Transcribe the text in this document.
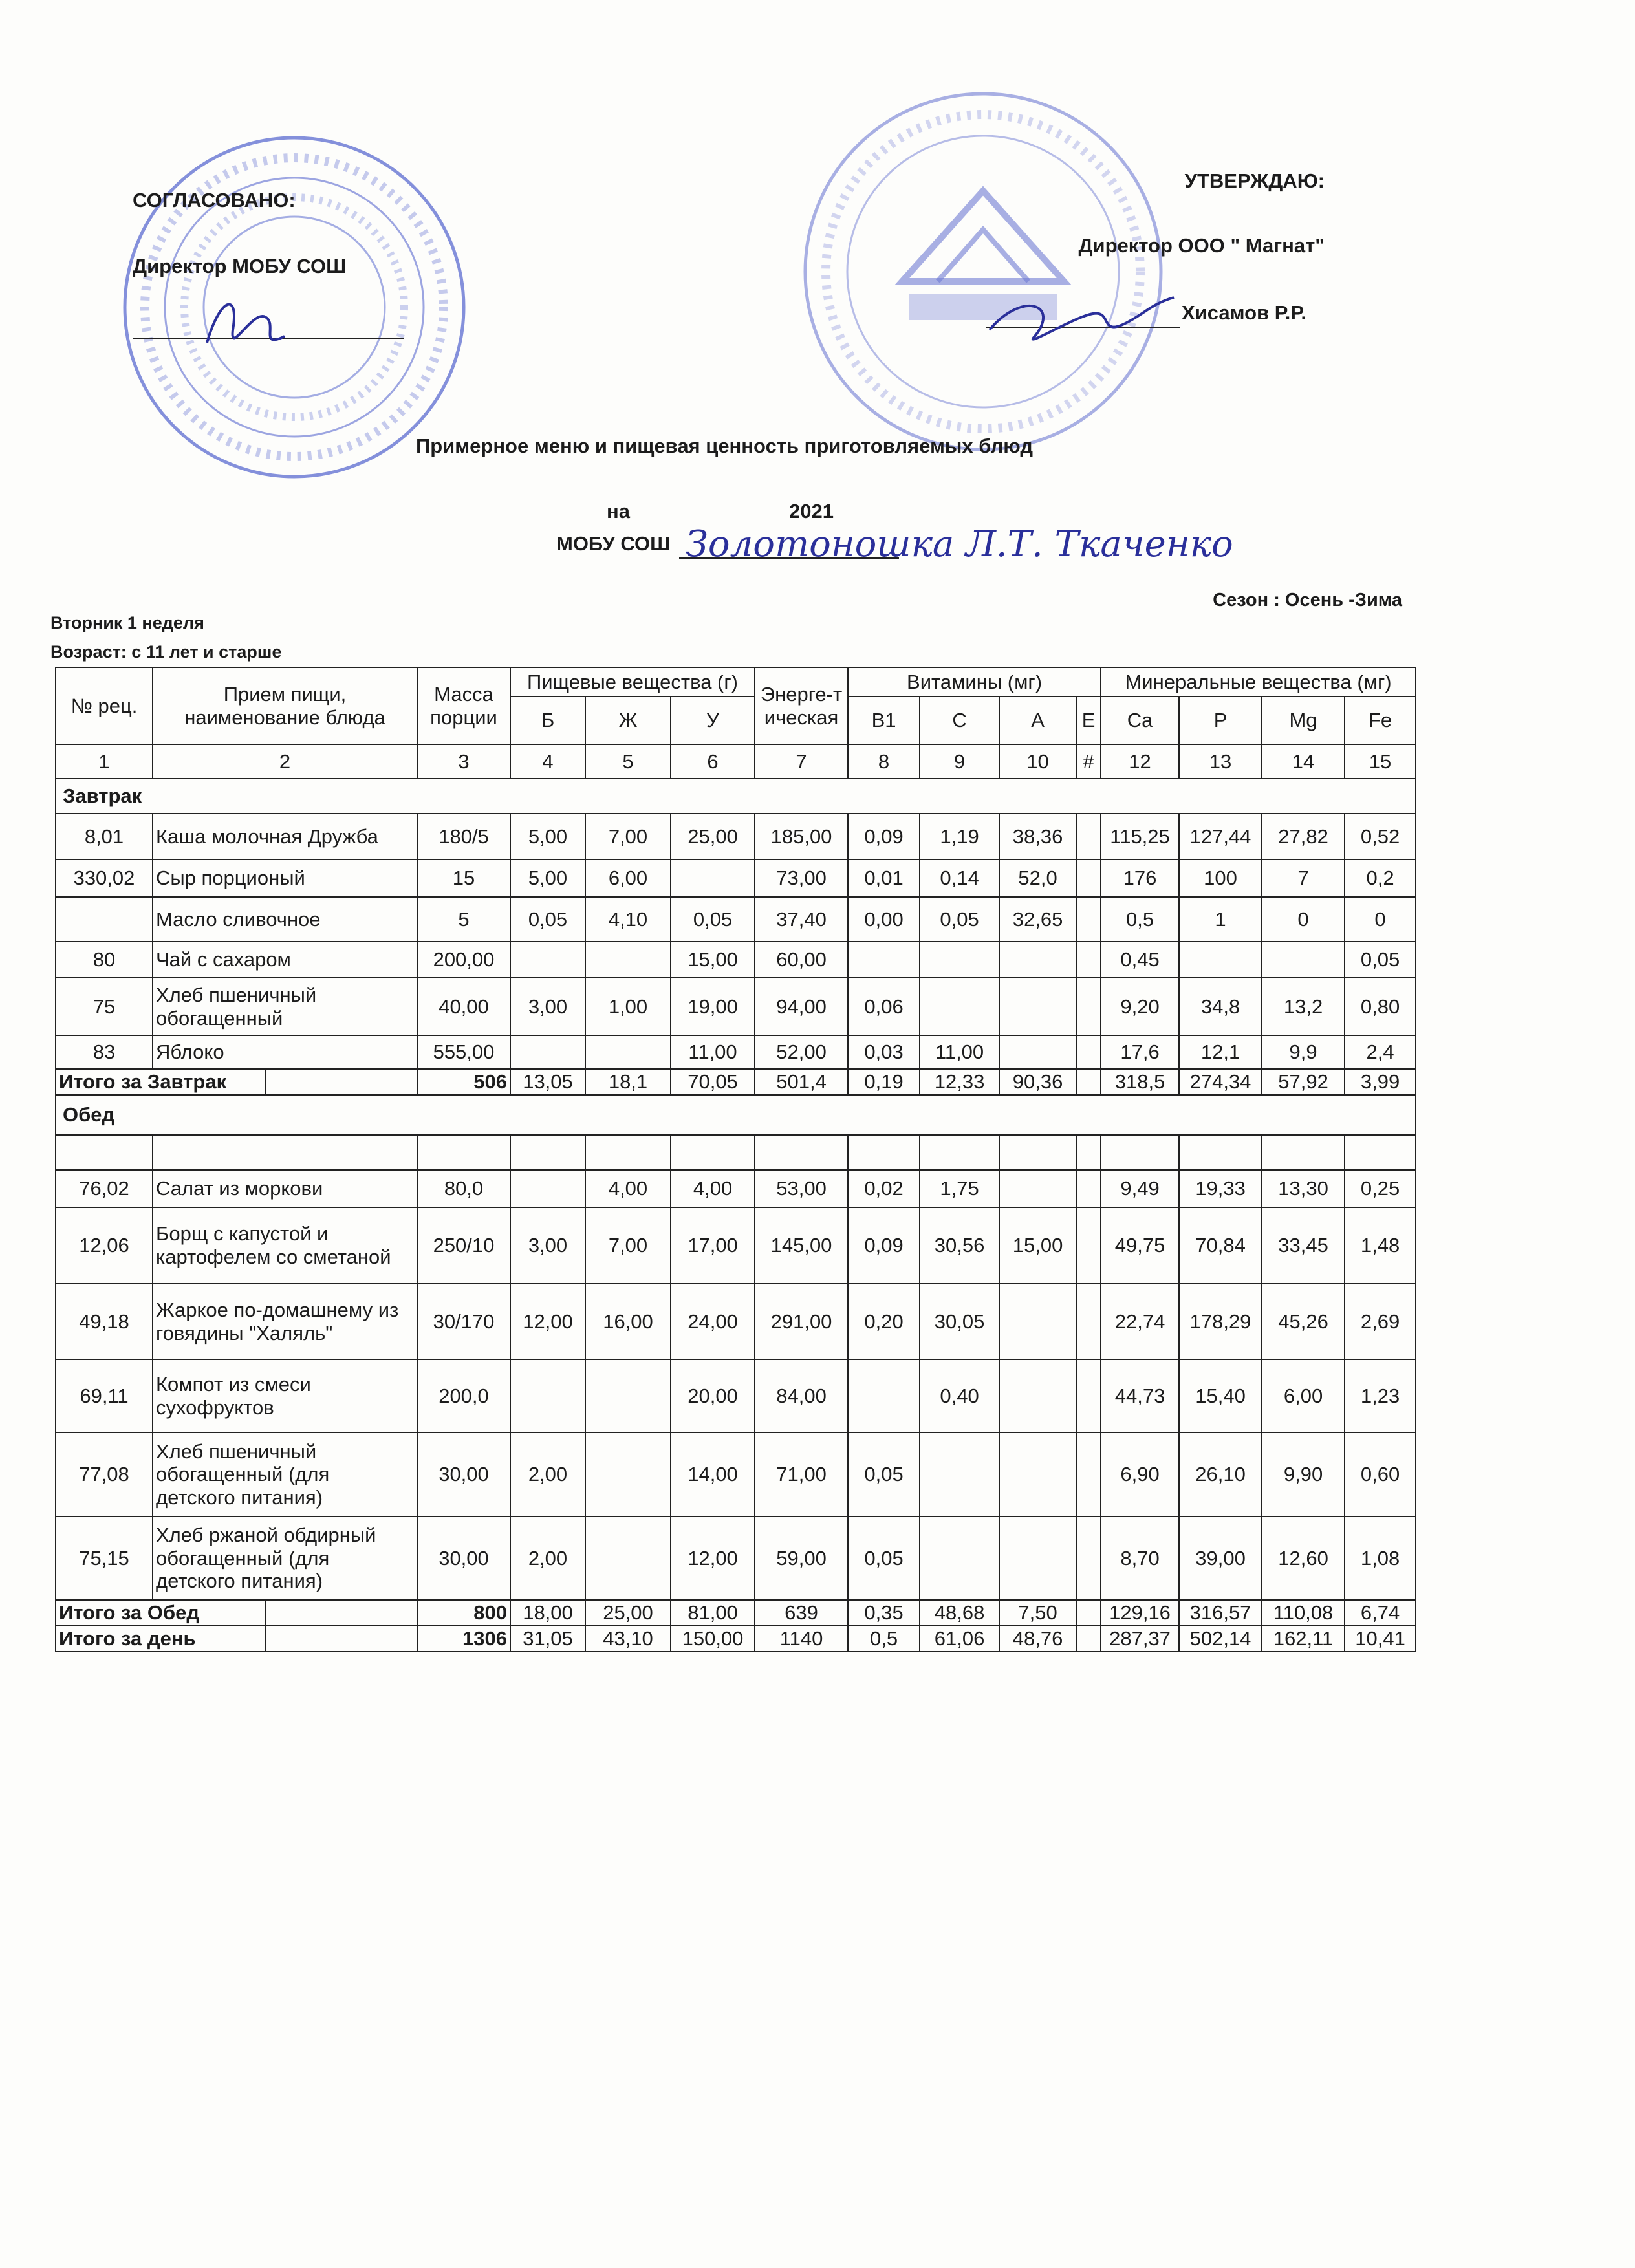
СОГЛАСОВАНО:
Директор МОБУ СОШ
УТВЕРЖДАЮ:
Директор ООО " Магнат"
Хисамов Р.Р.
Примерное меню и пищевая ценность приготовляемых блюд
на	2021
МОБУ СОШ Золотоношка Л.Т. Ткаченко
Сезон : Осень -Зима
Вторник 1 неделя
Возраст: с 11 лет и старше
№ рец.	Прием пищи, наименование блюда	Масса порции	Пищевые вещества (г)			Энерге-тическая	Витамины (мг)				Минеральные вещества (мг)			
			Б	Ж	У		В1	С	А	Е	Ca	P	Mg	Fe
1	2	3	4	5	6	7	8	9	10	#	12	13	14	15
Завтрак														
8,01	Каша молочная Дружба	180/5	5,00	7,00	25,00	185,00	0,09	1,19	38,36		115,25	127,44	27,82	0,52
330,02	Сыр порционый	15	5,00	6,00		73,00	0,01	0,14	52,0		176	100	7	0,2
	Масло сливочное	5	0,05	4,10	0,05	37,40	0,00	0,05	32,65		0,5	1	0	0
80	Чай с сахаром	200,00			15,00	60,00					0,45			0,05
75	Хлеб пшеничный обогащенный	40,00	3,00	1,00	19,00	94,00	0,06				9,20	34,8	13,2	0,80
83	Яблоко	555,00			11,00	52,00	0,03	11,00			17,6	12,1	9,9	2,4
Итого за Завтрак		506	13,05	18,1	70,05	501,4	0,19	12,33	90,36		318,5	274,34	57,92	3,99
Обед														

76,02	Салат из моркови	80,0		4,00	4,00	53,00	0,02	1,75			9,49	19,33	13,30	0,25
12,06	Борщ с капустой и картофелем со сметаной	250/10	3,00	7,00	17,00	145,00	0,09	30,56	15,00		49,75	70,84	33,45	1,48
49,18	Жаркое по-домашнему из говядины "Халяль"	30/170	12,00	16,00	24,00	291,00	0,20	30,05			22,74	178,29	45,26	2,69
69,11	Компот из смеси сухофруктов	200,0			20,00	84,00		0,40			44,73	15,40	6,00	1,23
77,08	Хлеб пшеничный обогащенный (для детского питания)	30,00	2,00		14,00	71,00	0,05				6,90	26,10	9,90	0,60
75,15	Хлеб ржаной обдирный обогащенный (для детского питания)	30,00	2,00		12,00	59,00	0,05				8,70	39,00	12,60	1,08
Итого за Обед		800	18,00	25,00	81,00	639	0,35	48,68	7,50		129,16	316,57	110,08	6,74
Итого за день		1306	31,05	43,10	150,00	1140	0,5	61,06	48,76		287,37	502,14	162,11	10,41
